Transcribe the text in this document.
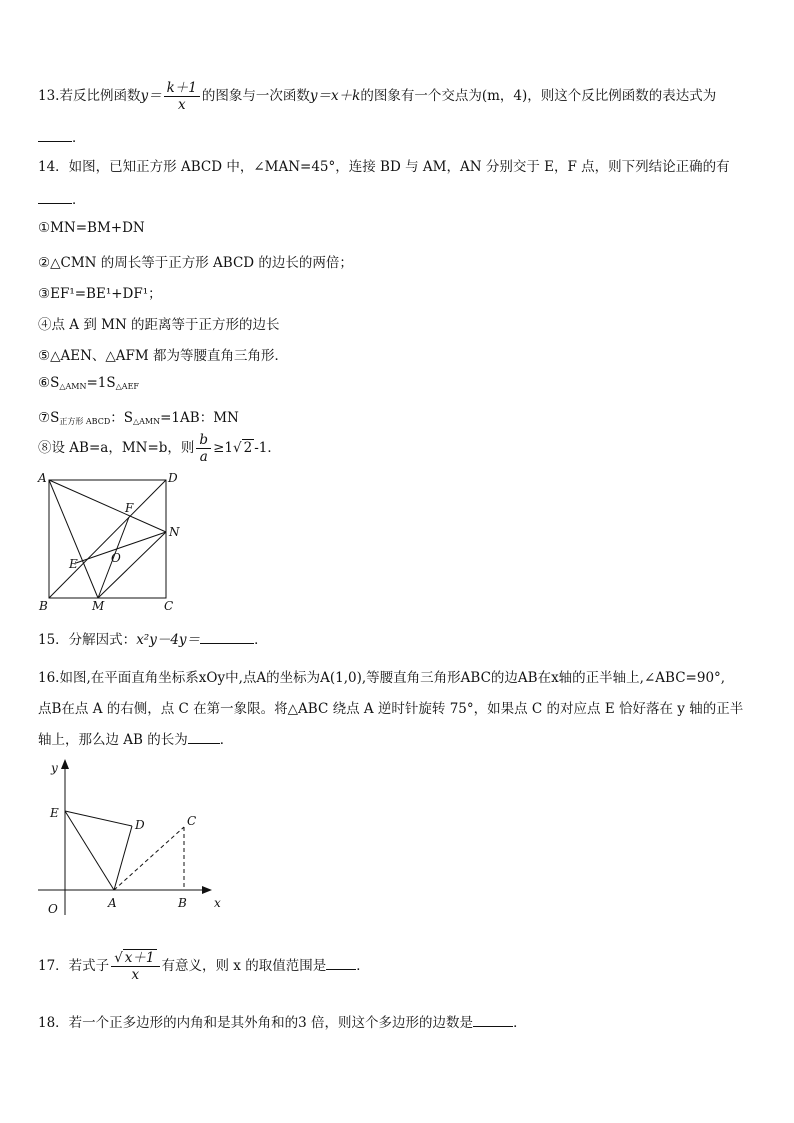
13.若反比例函数$y= \frac{k+1}{x}$ 的图象与一次函数y＝x＋k的图象有一个交点为(m，4)，则这个反比例函数的表达式为
．
14．如图，已知正方形 ABCD 中，∠MAN=45°，连接 BD 与 AM，AN 分别交于 E，F 点，则下列结论正确的有
．
①MN=BM+DN
②△CMN 的周长等于正方形 ABCD 的边长的两倍；
③EF¹=BE¹+DF¹；
④点 A 到 MN 的距离等于正方形的边长
⑤△AEN、△AFM 都为等腰直角三角形．
$⑥S_{\triangle AMN}=1S_{\triangle AEF}$
$⑦S_{正方形 ABCD}$：$S_{\triangle AMN}=1AB$：MN
⑧设 AB=a，MN=b，则 $\frac{b}{a} \ge 1√$ 2 -1．
A	D
F
N
E	O
B	M	C
15．分解因式：x²y－4y＝	．
16.如图,在平面直角坐标系xOy中,点A的坐标为A(1,0),等腰直角三角形ABC的边AB在x轴的正半轴上,∠ABC=90°,
点B在点 A 的右侧，点 C 在第一象限。将△ABC 绕点 A 逆时针旋转 75°，如果点 C 的对应点 E 恰好落在 y 轴的正半
轴上，那么边 AB 的长为 ．
y
E
D	C
O	A	B x
17．若式子 $\frac{√ x+1}{x}$ 有意义，则 x 的取值范围是 ．
18．若一个正多边形的内角和是其外角和的3 倍，则这个多边形的边数是	．
